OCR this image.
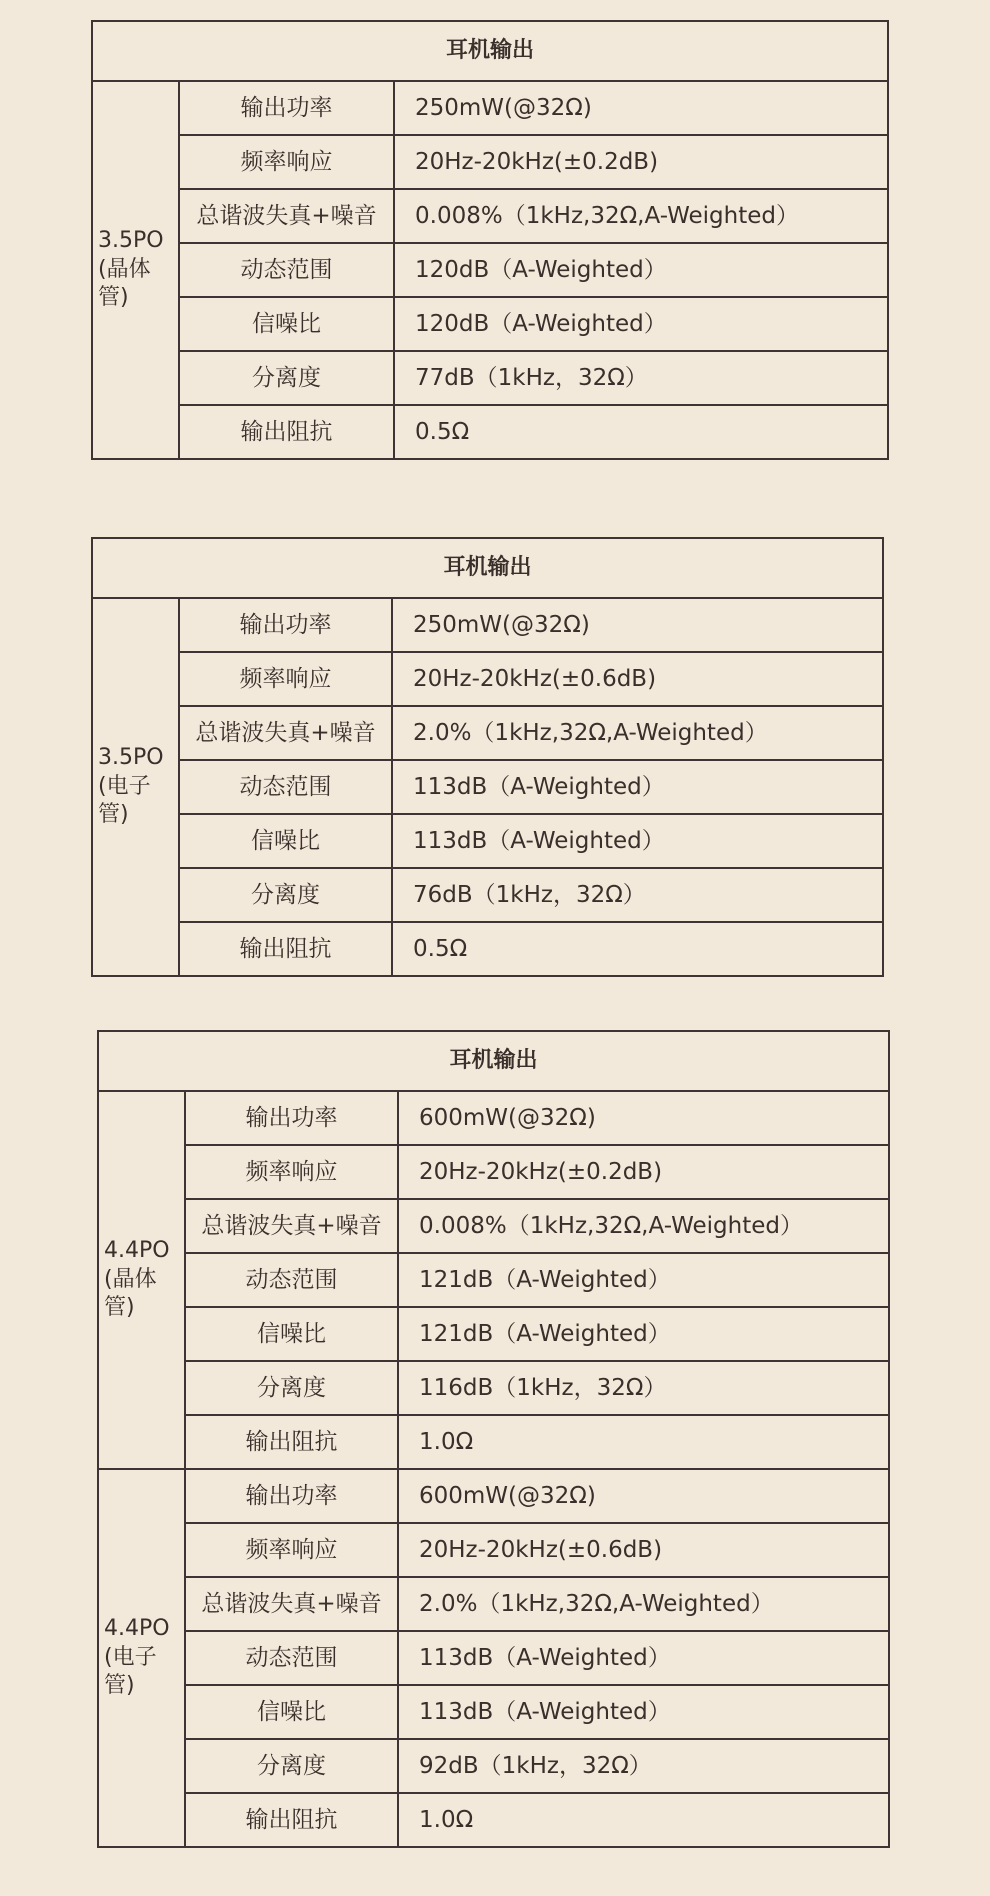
耳机输出		
3.5PO
(晶体
管)	输出功率	250mW(@32Ω)
	频率响应	20Hz-20kHz(±0.2dB)
	总谐波失真+噪音	0.008%（1kHz,32Ω,A-Weighted）
	动态范围	120dB（A-Weighted）
	信噪比	120dB（A-Weighted）
	分离度	77dB（1kHz，32Ω）
	输出阻抗	0.5Ω
耳机输出		
3.5PO
(电子
管)	输出功率	250mW(@32Ω)
	频率响应	20Hz-20kHz(±0.6dB)
	总谐波失真+噪音	2.0%（1kHz,32Ω,A-Weighted）
	动态范围	113dB（A-Weighted）
	信噪比	113dB（A-Weighted）
	分离度	76dB（1kHz，32Ω）
	输出阻抗	0.5Ω
耳机输出		
4.4PO
(晶体
管)	输出功率	600mW(@32Ω)
	频率响应	20Hz-20kHz(±0.2dB)
	总谐波失真+噪音	0.008%（1kHz,32Ω,A-Weighted）
	动态范围	121dB（A-Weighted）
	信噪比	121dB（A-Weighted）
	分离度	116dB（1kHz，32Ω）
	输出阻抗	1.0Ω
4.4PO
(电子
管)	输出功率	600mW(@32Ω)
	频率响应	20Hz-20kHz(±0.6dB)
	总谐波失真+噪音	2.0%（1kHz,32Ω,A-Weighted）
	动态范围	113dB（A-Weighted）
	信噪比	113dB（A-Weighted）
	分离度	92dB（1kHz，32Ω）
	输出阻抗	1.0Ω
